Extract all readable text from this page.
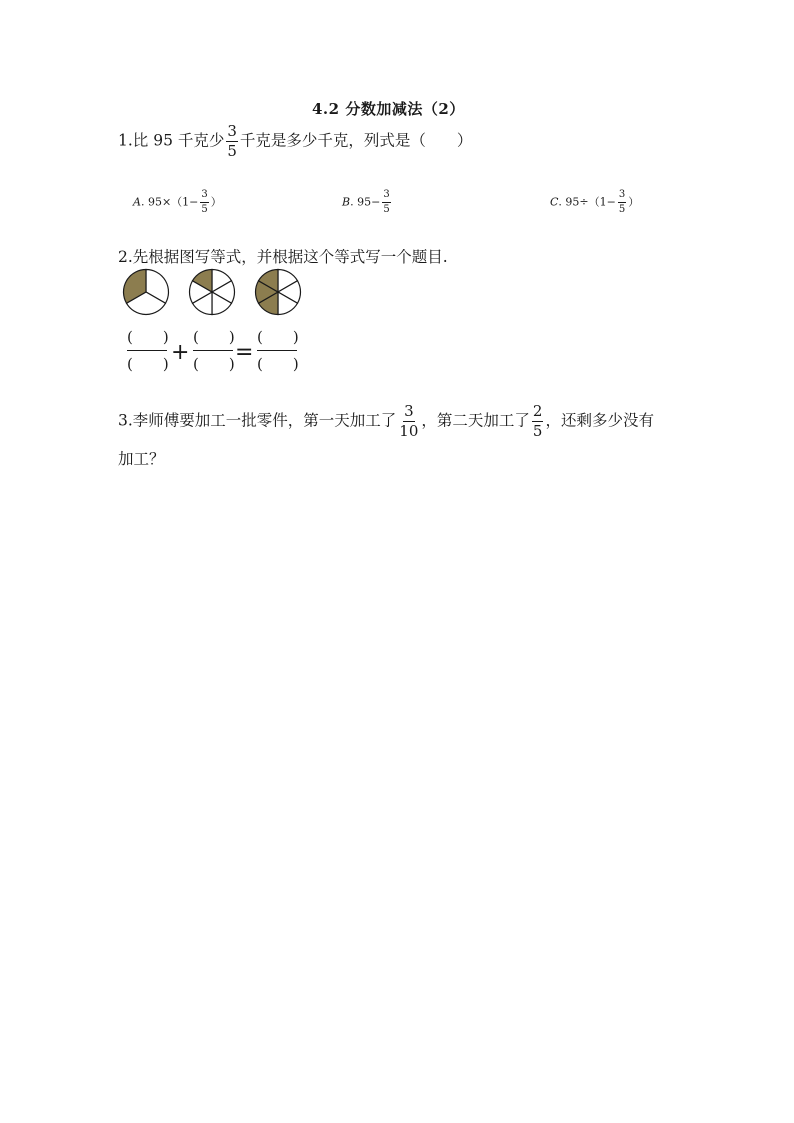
4.2 分数加减法（2）
1.比 95 千克少 $\frac{3}{5}$ 千克是多少千克，列式是（　　）
A. $95\times(1- \frac{3}{5}$ ）	B. $95- \frac{3}{5}$	C. $95\div(1- \frac{3}{5}$ ）
2.先根据图写等式，并根据这个等式写一个题目.
(　　)
(　　) +
(　　)
(　　) =
(　　)
(　　)
3.李师傅要加工一批零件，第一天加工了 $\frac{3}{10}$ ，第二天加工了 $\frac{2}{5}$ ，还剩多少没有
加工？
